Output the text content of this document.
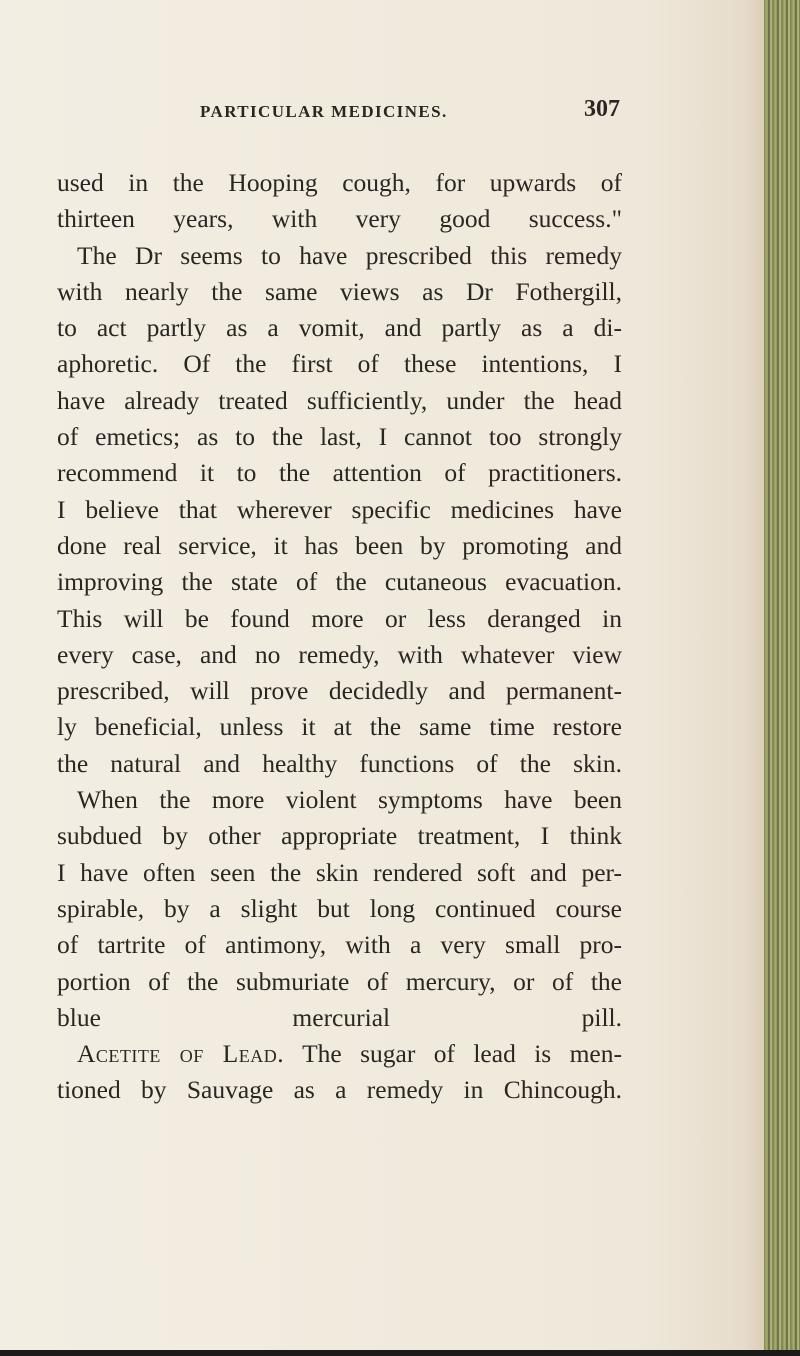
PARTICULAR MEDICINES.	307

used in the Hooping cough, for upwards of

thirteen years, with very good success."

The Dr seems to have prescribed this remedy

with nearly the same views as Dr Fothergill,

to act partly as a vomit, and partly as a di-

aphoretic. Of the first of these intentions, I

have already treated sufficiently, under the head

of emetics; as to the last, I cannot too strongly

recommend it to the attention of practitioners.

I believe that wherever specific medicines have

done real service, it has been by promoting and

improving the state of the cutaneous evacuation.

This will be found more or less deranged in

every case, and no remedy, with whatever view

prescribed, will prove decidedly and permanent-

ly beneficial, unless it at the same time restore

the natural and healthy functions of the skin.

When the more violent symptoms have been

subdued by other appropriate treatment, I think

I have often seen the skin rendered soft and per-

spirable, by a slight but long continued course

of tartrite of antimony, with a very small pro-

portion of the submuriate of mercury, or of the

blue mercurial pill.

Acetite of Lead. The sugar of lead is men-

tioned by Sauvage as a remedy in Chincough.
